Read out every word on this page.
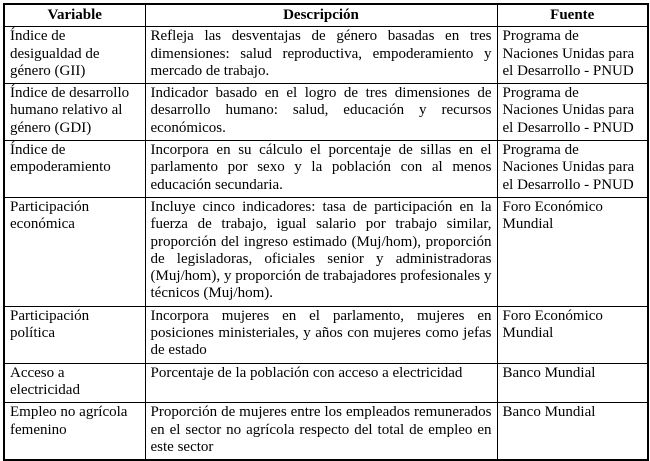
Variable	Descripción	Fuente
Índice de desigualdad de género (GII)	Refleja las desventajas de género basadas en tres dimensiones: salud reproductiva, empoderamiento y mercado de trabajo.	Programa de Naciones Unidas para el Desarrollo - PNUD
Índice de desarrollo humano relativo al género (GDI)	Indicador basado en el logro de tres dimensiones de desarrollo humano: salud, educación y recursos económicos.	Programa de Naciones Unidas para el Desarrollo - PNUD
Índice de empoderamiento	Incorpora en su cálculo el porcentaje de sillas en el parlamento por sexo y la población con al menos educación secundaria.	Programa de Naciones Unidas para el Desarrollo - PNUD
Participación económica	Incluye cinco indicadores: tasa de participación en la fuerza de trabajo, igual salario por trabajo similar, proporción del ingreso estimado (Muj/hom), proporción de legisladoras, oficiales senior y administradoras (Muj/hom), y proporción de trabajadores profesionales y técnicos (Muj/hom).	Foro Económico Mundial
Participación política	Incorpora mujeres en el parlamento, mujeres en posiciones ministeriales, y años con mujeres como jefas de estado	Foro Económico Mundial
Acceso a electricidad	Porcentaje de la población con acceso a electricidad	Banco Mundial
Empleo no agrícola femenino	Proporción de mujeres entre los empleados remunerados en el sector no agrícola respecto del total de empleo en este sector	Banco Mundial
